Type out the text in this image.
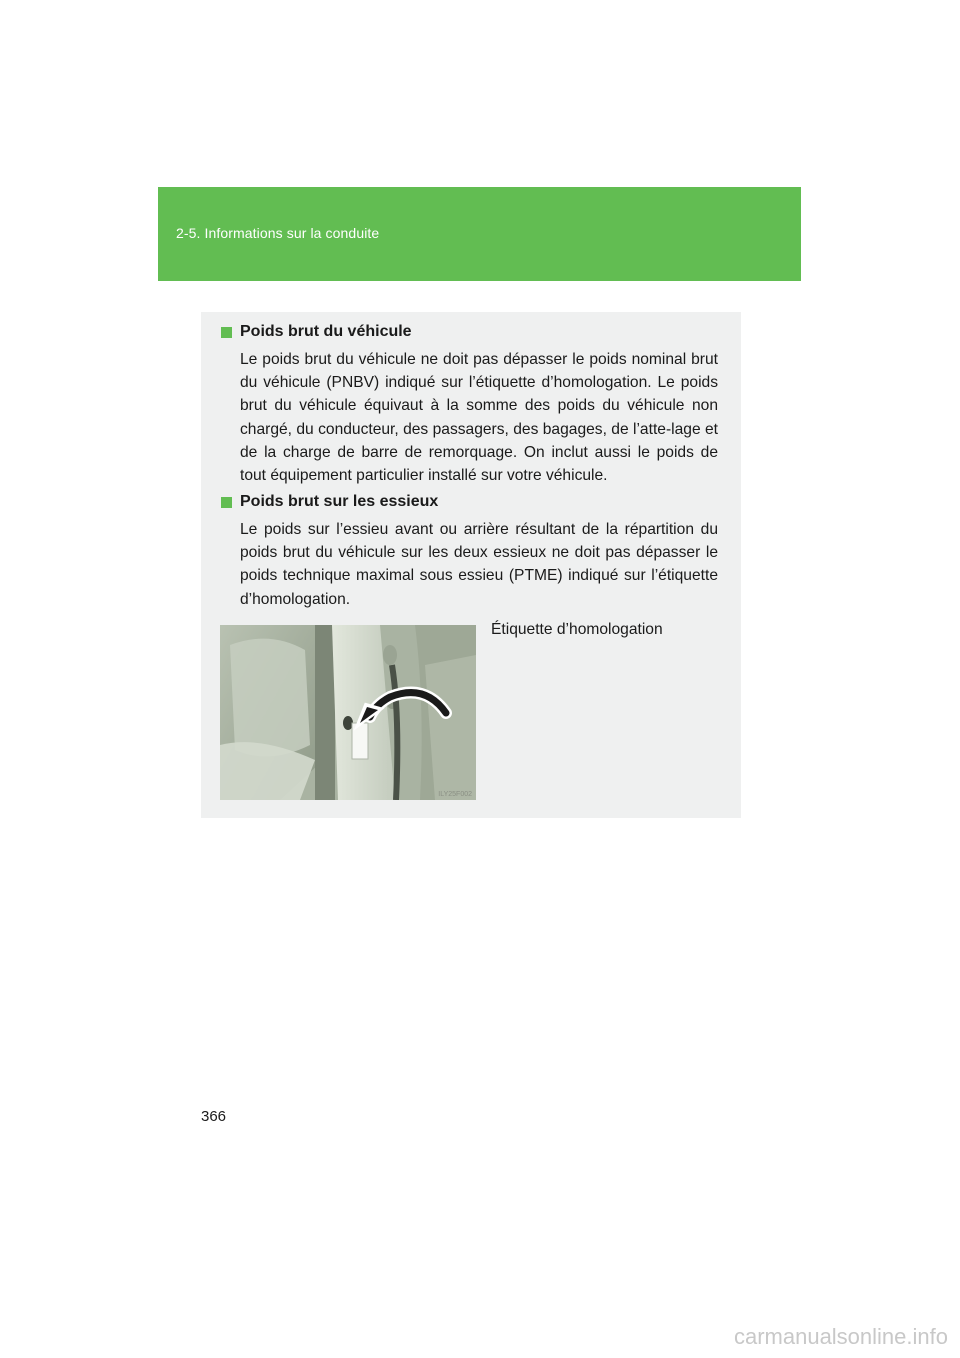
2-5. Informations sur la conduite
Poids brut du véhicule
Le poids brut du véhicule ne doit pas dépasser le poids nominal brut du véhicule (PNBV) indiqué sur l’étiquette d’homologation. Le poids brut du véhicule équivaut à la somme des poids du véhicule non chargé, du conducteur, des passagers, des bagages, de l’atte-lage et de la charge de barre de remorquage. On inclut aussi le poids de tout équipement particulier installé sur votre véhicule.
Poids brut sur les essieux
Le poids sur l’essieu avant ou arrière résultant de la répartition du poids brut du véhicule sur les deux essieux ne doit pas dépasser le poids technique maximal sous essieu (PTME) indiqué sur l’étiquette d’homologation.
ILY25F002
Étiquette d’homologation
366
carmanualsonline.info
